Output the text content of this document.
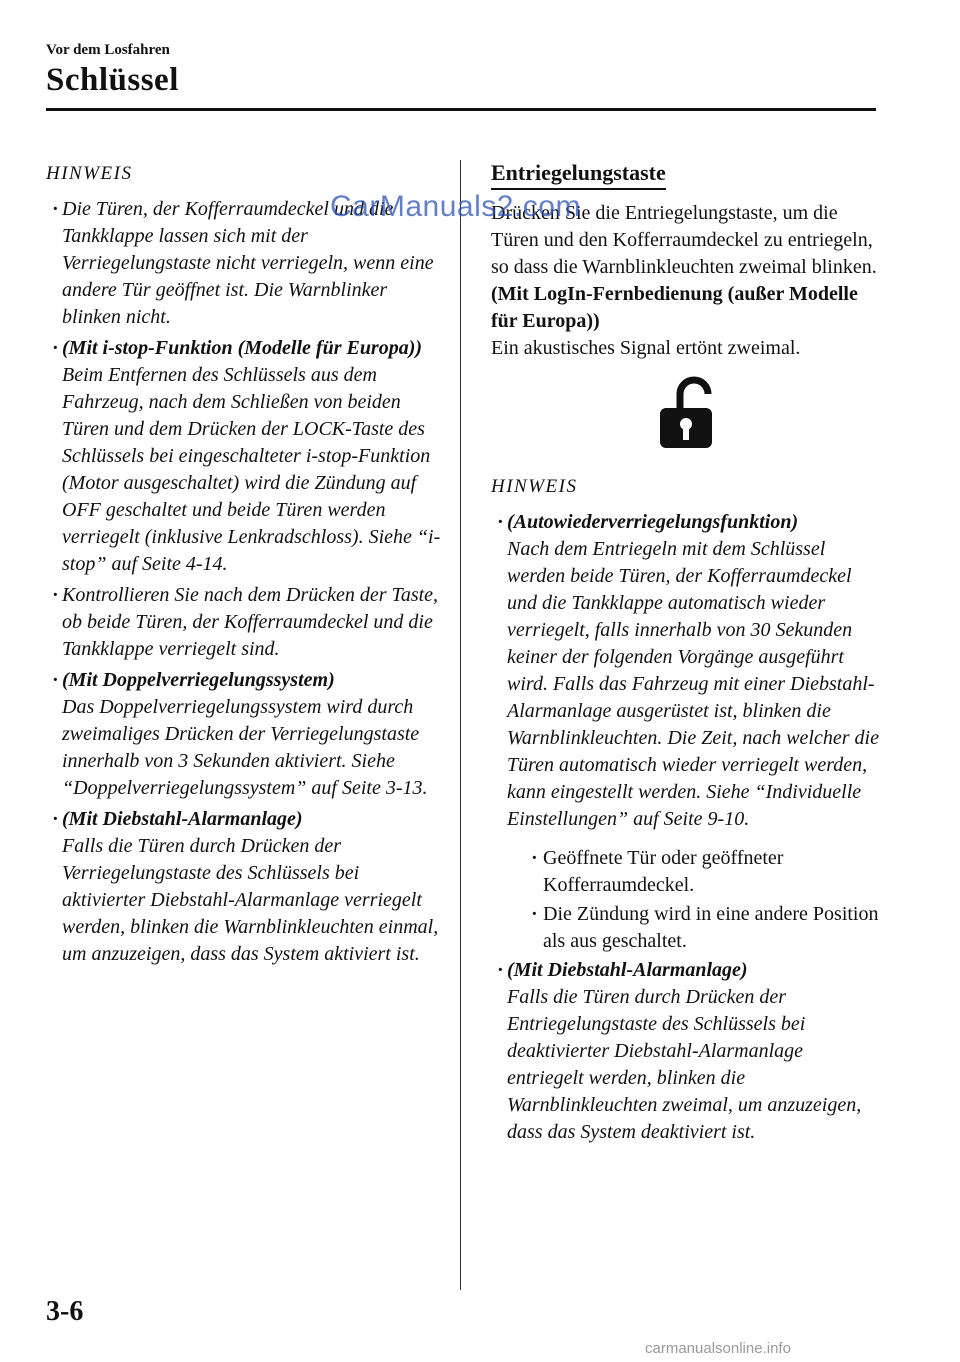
Vor dem Losfahren
Schlüssel
HINWEIS
· Die Türen, der Kofferraumdeckel und die Tankklappe lassen sich mit der Verriegelungstaste nicht verriegeln, wenn eine andere Tür geöffnet ist. Die Warnblinker blinken nicht.
· (Mit i-stop-Funktion (Modelle für Europa))
Beim Entfernen des Schlüssels aus dem Fahrzeug, nach dem Schließen von beiden Türen und dem Drücken der LOCK-Taste des Schlüssels bei eingeschalteter i-stop-Funktion (Motor ausgeschaltet) wird die Zündung auf OFF geschaltet und beide Türen werden verriegelt (inklusive Lenkradschloss). Siehe “i-stop” auf Seite 4-14.
· Kontrollieren Sie nach dem Drücken der Taste, ob beide Türen, der Kofferraumdeckel und die Tankklappe verriegelt sind.
· (Mit Doppelverriegelungssystem)
Das Doppelverriegelungssystem wird durch zweimaliges Drücken der Verriegelungstaste innerhalb von 3 Sekunden aktiviert. Siehe “Doppelverriegelungssystem” auf Seite 3-13.
· (Mit Diebstahl-Alarmanlage)
Falls die Türen durch Drücken der Verriegelungstaste des Schlüssels bei aktivierter Diebstahl-Alarmanlage verriegelt werden, blinken die Warnblinkleuchten einmal, um anzuzeigen, dass das System aktiviert ist.
Entriegelungstaste
Drücken Sie die Entriegelungstaste, um die Türen und den Kofferraumdeckel zu entriegeln, so dass die Warnblinkleuchten zweimal blinken.
(Mit LogIn-Fernbedienung (außer Modelle für Europa))
Ein akustisches Signal ertönt zweimal.
HINWEIS
· (Autowiederverriegelungsfunktion)
Nach dem Entriegeln mit dem Schlüssel werden beide Türen, der Kofferraumdeckel und die Tankklappe automatisch wieder verriegelt, falls innerhalb von 30 Sekunden keiner der folgenden Vorgänge ausgeführt wird. Falls das Fahrzeug mit einer Diebstahl-Alarmanlage ausgerüstet ist, blinken die Warnblinkleuchten. Die Zeit, nach welcher die Türen automatisch wieder verriegelt werden, kann eingestellt werden. Siehe “Individuelle Einstellungen” auf Seite 9-10.
· Geöffnete Tür oder geöffneter Kofferraumdeckel.
· Die Zündung wird in eine andere Position als aus geschaltet.
· (Mit Diebstahl-Alarmanlage)
Falls die Türen durch Drücken der Entriegelungstaste des Schlüssels bei deaktivierter Diebstahl-Alarmanlage entriegelt werden, blinken die Warnblinkleuchten zweimal, um anzuzeigen, dass das System deaktiviert ist.
3-6
CarManuals2.com
carmanualsonline.info
